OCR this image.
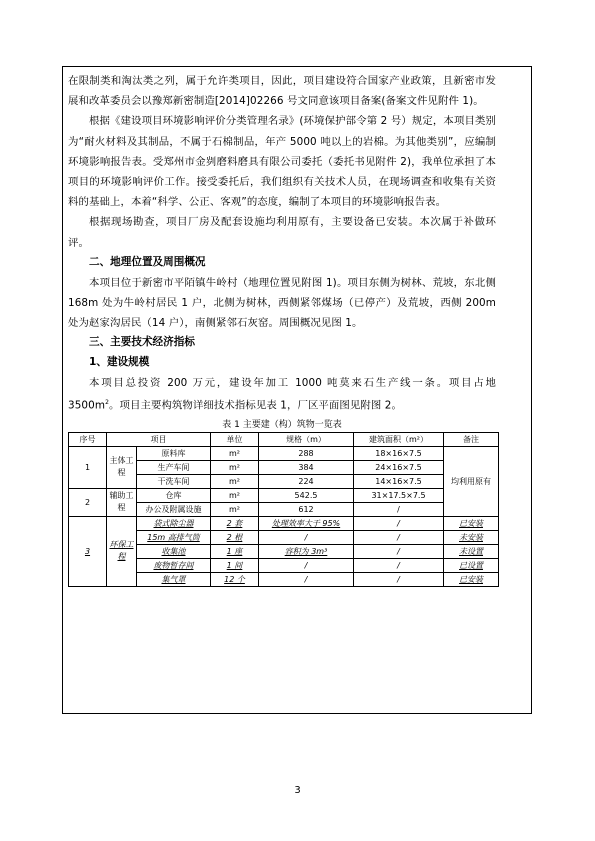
在限制类和淘汰类之列，属于允许类项目，因此，项目建设符合国家产业政策，且新密市发展和改革委员会以豫郑新密制造[2014]02266 号文同意该项目备案(备案文件见附件 1)。

根据《建设项目环境影响评价分类管理名录》(环境保护部令第 2 号）规定，本项目类别为“耐火材料及其制品，不属于石棉制品，年产 5000 吨以上的岩棉。为其他类别”，应编制环境影响报告表。受郑州市金刿磨料磨具有限公司委托（委托书见附件 2)，我单位承担了本项目的环境影响评价工作。接受委托后，我们组织有关技术人员，在现场调查和收集有关资料的基础上，本着“科学、公正、客观”的态度，编制了本项目的环境影响报告表。

根据现场勘查，项目厂房及配套设施均利用原有，主要设备已安装。本次属于补做环评。

二、地理位置及周围概况

本项目位于新密市平陌镇牛岭村（地理位置见附图 1)。项目东侧为树林、荒坡，东北侧 168m 处为牛岭村居民 1 户，北侧为树林，西侧紧邻煤场（已停产）及荒坡，西侧 200m 处为赵家沟居民（14 户），南侧紧邻石灰窑。周围概况见图 1。

三、主要技术经济指标

1、建设规模

本项目总投资 200 万元，建设年加工 1000 吨莫来石生产线一条。项目占地 $3500m^2$。项目主要构筑物详细技术指标见表 1，厂区平面图见附图 2。

表 1 主要建（构）筑物一览表

序号	项目		单位	规格（m）	建筑面积（m²）	备注
1	主体工程	原料库	m²	288	18×16×7.5	均利用原有
		生产车间	m²	384	24×16×7.5	
		干洗车间	m²	224	14×16×7.5	
2	辅助工程	仓库	m²	542.5	31×17.5×7.5	
		办公及附属设施	m²	612	/	
3	环保工程	袋式除尘器	2 套	处理效率大于 95%	/	已安装
		15m 高排气筒	2 根	/	/	未安装
		收集池	1 座	容积为 3m³	/	未设置
		废物暂存间	1 间	/	/	已设置
		集气罩	12 个	/	/	已安装
3
